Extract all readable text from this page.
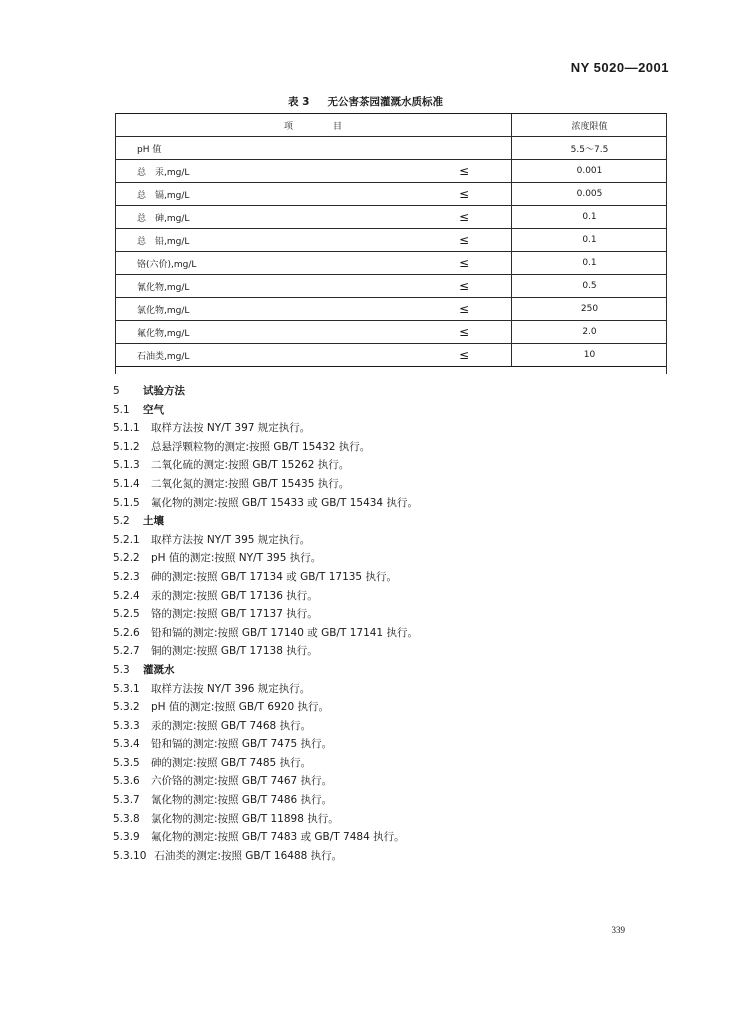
NY 5020—2001
表 3 无公害茶园灌溉水质标准
项目		浓度限值
pH 值		5.5～7.5
总　汞,mg/L	≤	0.001
总　镉,mg/L	≤	0.005
总　砷,mg/L	≤	0.1
总　铅,mg/L	≤	0.1
铬(六价),mg/L	≤	0.1
氰化物,mg/L	≤	0.5
氯化物,mg/L	≤	250
氟化物,mg/L	≤	2.0
石油类,mg/L	≤	10
5 试验方法
5.1 空气
5.1.1 取样方法按 NY/T 397 规定执行。
5.1.2 总悬浮颗粒物的测定:按照 GB/T 15432 执行。
5.1.3 二氧化硫的测定:按照 GB/T 15262 执行。
5.1.4 二氧化氮的测定:按照 GB/T 15435 执行。
5.1.5 氟化物的测定:按照 GB/T 15433 或 GB/T 15434 执行。
5.2 土壤
5.2.1 取样方法按 NY/T 395 规定执行。
5.2.2 pH 值的测定:按照 NY/T 395 执行。
5.2.3 砷的测定:按照 GB/T 17134 或 GB/T 17135 执行。
5.2.4 汞的测定:按照 GB/T 17136 执行。
5.2.5 铬的测定:按照 GB/T 17137 执行。
5.2.6 铅和镉的测定:按照 GB/T 17140 或 GB/T 17141 执行。
5.2.7 铜的测定:按照 GB/T 17138 执行。
5.3 灌溉水
5.3.1 取样方法按 NY/T 396 规定执行。
5.3.2 pH 值的测定:按照 GB/T 6920 执行。
5.3.3 汞的测定:按照 GB/T 7468 执行。
5.3.4 铅和镉的测定:按照 GB/T 7475 执行。
5.3.5 砷的测定:按照 GB/T 7485 执行。
5.3.6 六价铬的测定:按照 GB/T 7467 执行。
5.3.7 氰化物的测定:按照 GB/T 7486 执行。
5.3.8 氯化物的测定:按照 GB/T 11898 执行。
5.3.9 氟化物的测定:按照 GB/T 7483 或 GB/T 7484 执行。
5.3.10 石油类的测定:按照 GB/T 16488 执行。
339
